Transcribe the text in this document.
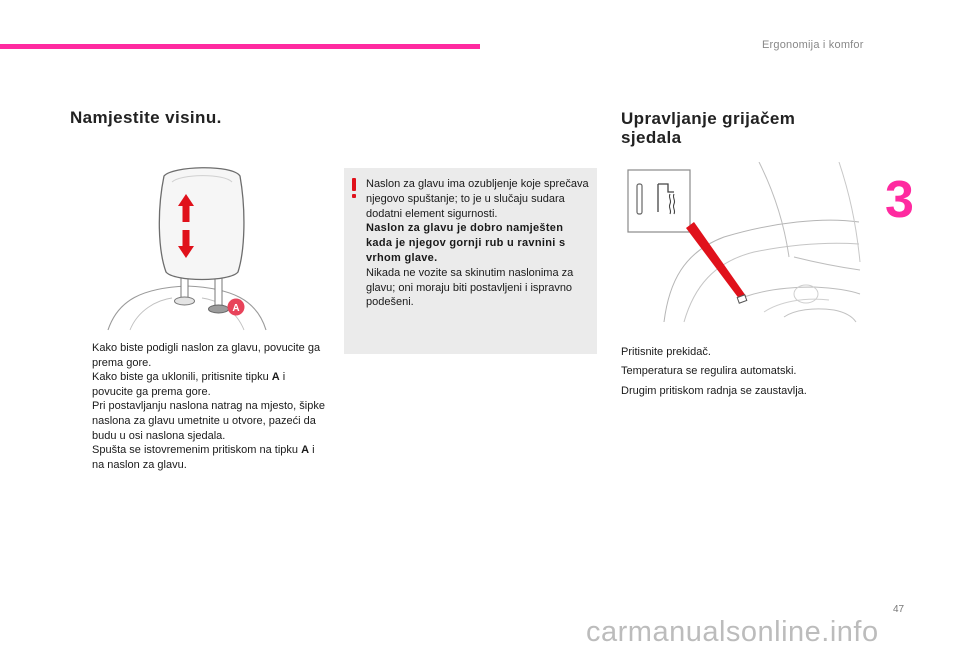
Ergonomija i komfor
3
Namjestite visinu.
A
Kako biste podigli naslon za glavu, povucite ga prema gore.
Kako biste ga uklonili, pritisnite tipku A i povucite ga prema gore.
Pri postavljanju naslona natrag na mjesto, šipke naslona za glavu umetnite u otvore, pazeći da budu u osi naslona sjedala.
Spušta se istovremenim pritiskom na tipku A i na naslon za glavu.
Naslon za glavu ima ozubljenje koje sprečava njegovo spuštanje; to je u slučaju sudara dodatni element sigurnosti.
Naslon za glavu je dobro namješten kada je njegov gornji rub u ravnini s vrhom glave.
Nikada ne vozite sa skinutim naslonima za glavu; oni moraju biti postavljeni i ispravno podešeni.
Upravljanje grijačem sjedala
Pritisnite prekidač.
Temperatura se regulira automatski.
Drugim pritiskom radnja se zaustavlja.
47
carmanualsonline.info
